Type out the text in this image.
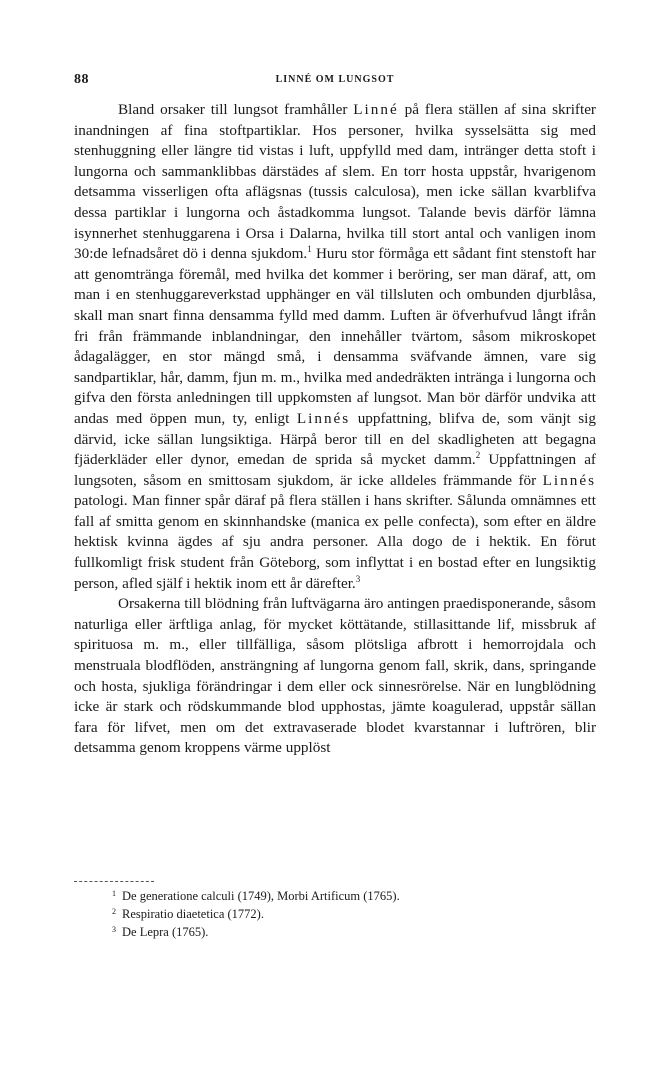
88	LINNÉ OM LUNGSOT

Bland orsaker till lungsot framhåller Linné på flera ställen af sina skrifter inandningen af fina stoftpartiklar. Hos personer, hvilka sysselsätta sig med stenhuggning eller längre tid vistas i luft, uppfylld med dam, intränger detta stoft i lungorna och sammanklibbas därstädes af slem. En torr hosta uppstår, hvarigenom detsamma visserligen ofta aflägsnas (tussis calculosa), men icke sällan kvarblifva dessa partiklar i lungorna och åstadkomma lungsot. Talande bevis därför lämna isynnerhet stenhuggarena i Orsa i Dalarna, hvilka till stort antal och vanligen inom 30:de lefnadsåret dö i denna sjukdom.$^1$ Huru stor förmåga ett sådant fint stenstoft har att genomtränga föremål, med hvilka det kommer i beröring, ser man däraf, att, om man i en stenhuggareverkstad upphänger en väl tillsluten och ombunden djurblåsa, skall man snart finna densamma fylld med damm. Luften är öfverhufvud långt ifrån fri från främmande inblandningar, den innehåller tvärtom, såsom mikroskopet ådagalägger, en stor mängd små, i densamma sväfvande ämnen, vare sig sandpartiklar, hår, damm, fjun m. m., hvilka med andedräkten inträngа i lungorna och gifva den första anledningen till uppkomsten af lungsot. Man bör därför undvika att andas med öppen mun, ty, enligt Linnés uppfattning, blifva de, som vänjt sig därvid, icke sällan lungsiktiga. Härpå beror till en del skadligheten att begagna fjäderkläder eller dynor, emedan de sprida så mycket damm.$^2$ Uppfattningen af lungsoten, såsom en smittosam sjukdom, är icke alldeles främmande för Linnés patologi. Man finner spår däraf på flera ställen i hans skrifter. Sålunda omnämnes ett fall af smitta genom en skinnhandske (manica ex pelle confecta), som efter en äldre hektisk kvinna ägdes af sju andra personer. Alla dogo de i hektik. En förut fullkomligt frisk student från Göteborg, som inflyttat i en bostad efter en lungsiktig person, afled själf i hektik inom ett år därefter.$^3$

Orsakerna till blödning från luftvägarna äro antingen praedisponerande, såsom naturliga eller ärftliga anlag, för mycket köttätande, stillasittande lif, missbruk af spirituosa m. m., eller tillfälliga, såsom plötsliga afbrott i hemorrojdala och menstruala blodflöden, ansträngning af lungorna genom fall, skrik, dans, springande och hosta, sjukliga förändringar i dem eller ock sinnesrörelse. När en lungblödning icke är stark och rödskummande blod upphostas, jämte koagulerad, uppstår sällan fara för lifvet, men om det extravaserade blodet kvarstannar i luftrören, blir detsamma genom kroppens värme upplöst

$^1$ De generatione calculi (1749), Morbi Artificum (1765).
$^2$ Respiratio diaetetica (1772).
$^3$ De Lepra (1765).
